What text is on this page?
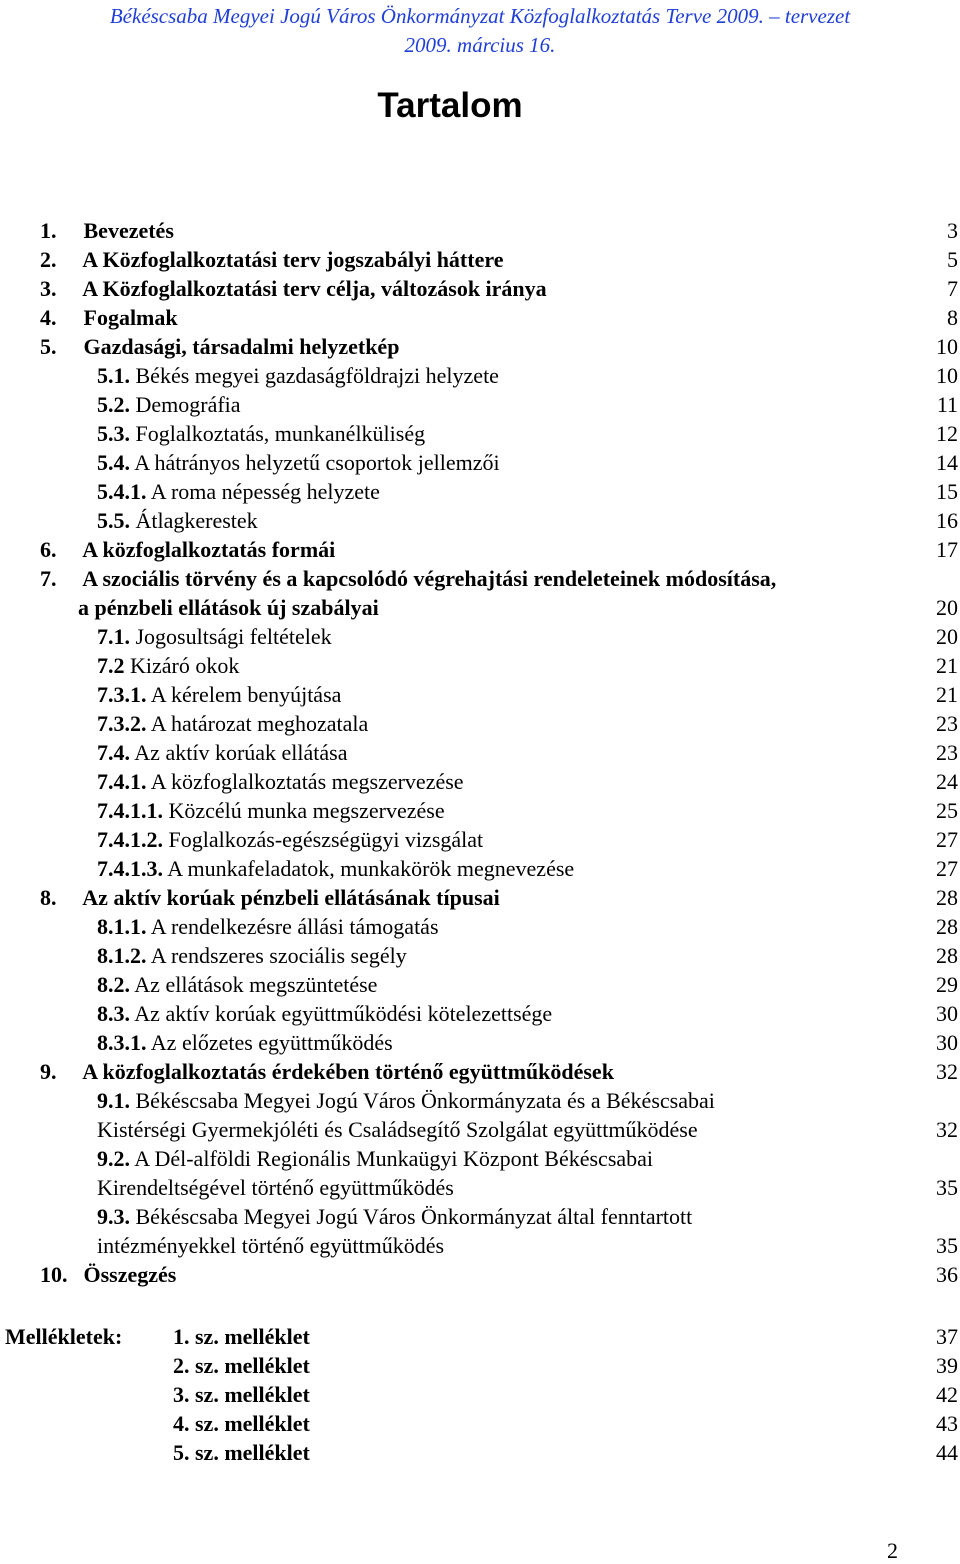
Békéscsaba Megyei Jogú Város Önkormányzat Közfoglalkoztatás Terve 2009. – tervezet
2009. március 16.
Tartalom
1. Bevezetés	3
2. A Közfoglalkoztatási terv jogszabályi háttere	5
3. A Közfoglalkoztatási terv célja, változások iránya	7
4. Fogalmak	8
5. Gazdasági, társadalmi helyzetkép	10
5.1. Békés megyei gazdaságföldrajzi helyzete	10
5.2. Demográfia	11
5.3. Foglalkoztatás, munkanélküliség	12
5.4. A hátrányos helyzetű csoportok jellemzői	14
5.4.1. A roma népesség helyzete	15
5.5. Átlagkerestek	16
6. A közfoglalkoztatás formái	17
7. A szociális törvény és a kapcsolódó végrehajtási rendeleteinek módosítása,
a pénzbeli ellátások új szabályai	20
7.1. Jogosultsági feltételek	20
7.2 Kizáró okok	21
7.3.1. A kérelem benyújtása	21
7.3.2. A határozat meghozatala	23
7.4. Az aktív korúak ellátása	23
7.4.1. A közfoglalkoztatás megszervezése	24
7.4.1.1. Közcélú munka megszervezése	25
7.4.1.2. Foglalkozás-egészségügyi vizsgálat	27
7.4.1.3. A munkafeladatok, munkakörök megnevezése	27
8. Az aktív korúak pénzbeli ellátásának típusai	28
8.1.1. A rendelkezésre állási támogatás	28
8.1.2. A rendszeres szociális segély	28
8.2. Az ellátások megszüntetése	29
8.3. Az aktív korúak együttműködési kötelezettsége	30
8.3.1. Az előzetes együttműködés	30
9. A közfoglalkoztatás érdekében történő együttműködések	32
9.1. Békéscsaba Megyei Jogú Város Önkormányzata és a Békéscsabai
Kistérségi Gyermekjóléti és Családsegítő Szolgálat együttműködése	32
9.2. A Dél-alföldi Regionális Munkaügyi Központ Békéscsabai
Kirendeltségével történő együttműködés	35
9.3. Békéscsaba Megyei Jogú Város Önkormányzat által fenntartott
intézményekkel történő együttműködés	35
10. Összegzés	36
Mellékletek: 1. sz. melléklet	37
2. sz. melléklet	39
3. sz. melléklet	42
4. sz. melléklet	43
5. sz. melléklet	44
2
